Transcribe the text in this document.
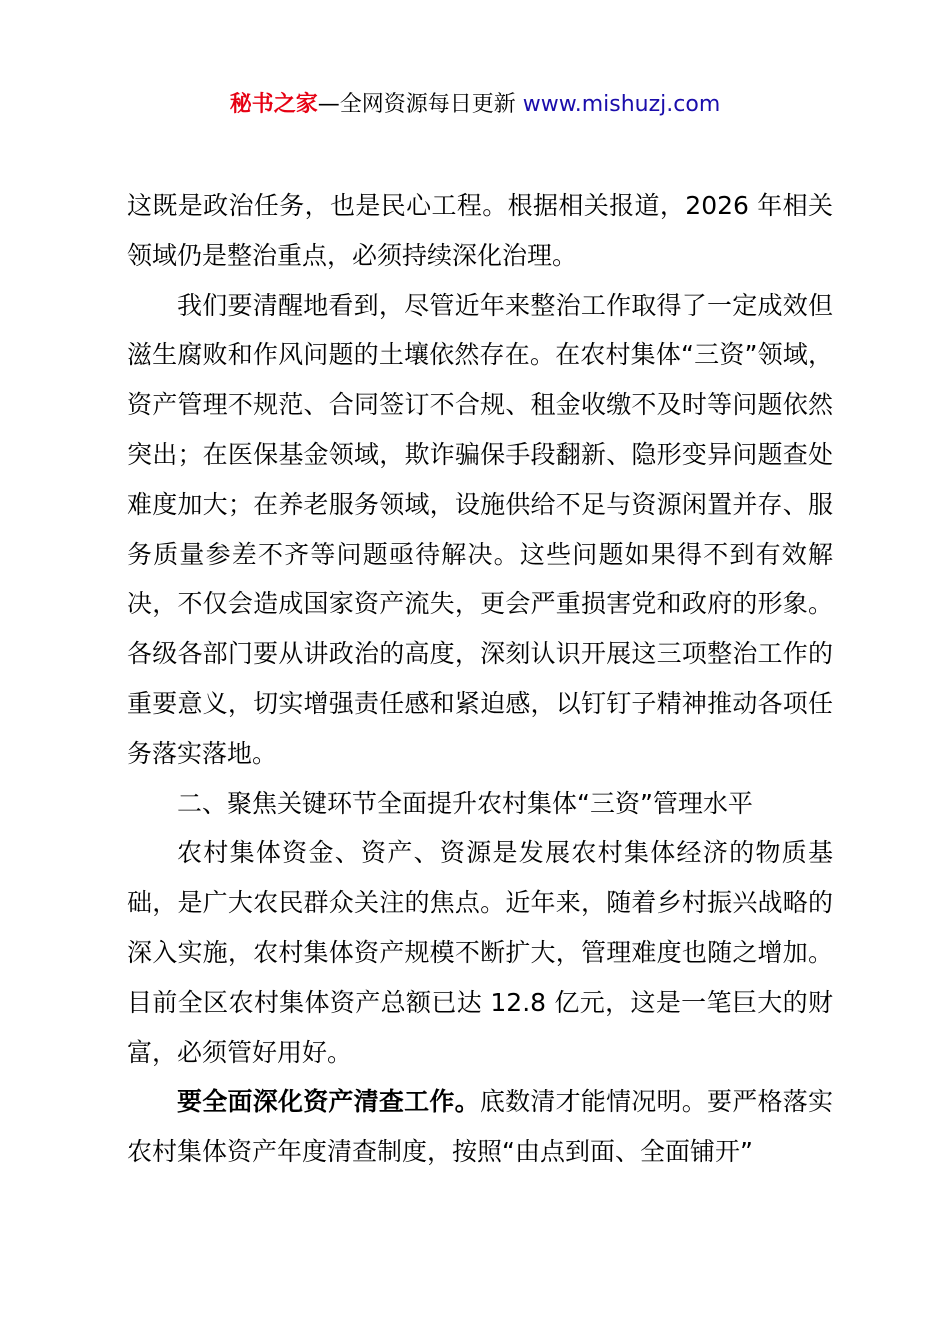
秘书之家—全网资源每日更新 www.mishuzj.com

这既是政治任务，也是民心工程。根据相关报道，2026 年相关领域仍是整治重点，必须持续深化治理。

我们要清醒地看到，尽管近年来整治工作取得了一定成效但滋生腐败和作风问题的土壤依然存在。在农村集体“三资”领域，资产管理不规范、合同签订不合规、租金收缴不及时等问题依然突出；在医保基金领域，欺诈骗保手段翻新、隐形变异问题查处难度加大；在养老服务领域，设施供给不足与资源闲置并存、服务质量参差不齐等问题亟待解决。这些问题如果得不到有效解决，不仅会造成国家资产流失，更会严重损害党和政府的形象。各级各部门要从讲政治的高度，深刻认识开展这三项整治工作的重要意义，切实增强责任感和紧迫感，以钉钉子精神推动各项任务落实落地。

二、聚焦关键环节全面提升农村集体“三资”管理水平

农村集体资金、资产、资源是发展农村集体经济的物质基础，是广大农民群众关注的焦点。近年来，随着乡村振兴战略的深入实施，农村集体资产规模不断扩大，管理难度也随之增加。目前全区农村集体资产总额已达 12.8 亿元，这是一笔巨大的财富，必须管好用好。

要全面深化资产清查工作。底数清才能情况明。要严格落实农村集体资产年度清查制度，按照“由点到面、全面铺开”
